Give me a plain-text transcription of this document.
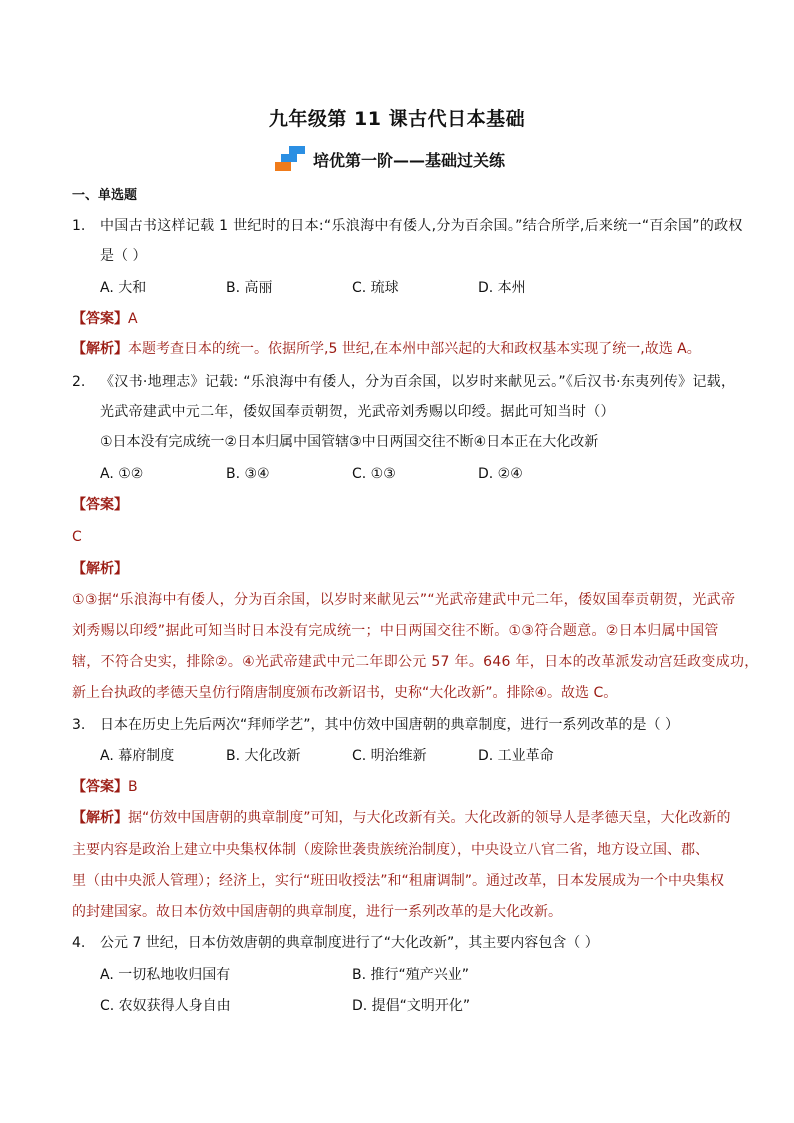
九年级第 11 课古代日本基础
培优第一阶——基础过关练
一、单选题
1. 中国古书这样记载 1 世纪时的日本:“乐浪海中有倭人,分为百余国。”结合所学,后来统一“百余国”的政权
是（ ）
A. 大和	B. 高丽	C. 琉球	D. 本州
【答案】A
【解析】本题考查日本的统一。依据所学,5 世纪,在本州中部兴起的大和政权基本实现了统一,故选 A。
2. 《汉书·地理志》记载: “乐浪海中有倭人，分为百余国，以岁时来献见云。”《后汉书·东夷列传》记载，
光武帝建武中元二年，倭奴国奉贡朝贺，光武帝刘秀赐以印绶。据此可知当时（）
①日本没有完成统一②日本归属中国管辖③中日两国交往不断④日本正在大化改新
A. ①②	B. ③④	C. ①③	D. ②④
【答案】
C
【解析】
①③据“乐浪海中有倭人，分为百余国，以岁时来献见云”“光武帝建武中元二年，倭奴国奉贡朝贺，光武帝
刘秀赐以印绶”据此可知当时日本没有完成统一；中日两国交往不断。①③符合题意。②日本归属中国管
辖，不符合史实，排除②。④光武帝建武中元二年即公元 57 年。646 年，日本的改革派发动宫廷政变成功，
新上台执政的孝德天皇仿行隋唐制度颁布改新诏书，史称“大化改新”。排除④。故选 C。
3. 日本在历史上先后两次“拜师学艺”，其中仿效中国唐朝的典章制度，进行一系列改革的是（ ）
A. 幕府制度	B. 大化改新	C. 明治维新	D. 工业革命
【答案】B
【解析】据“仿效中国唐朝的典章制度”可知，与大化改新有关。大化改新的领导人是孝德天皇，大化改新的
主要内容是政治上建立中央集权体制（废除世袭贵族统治制度），中央设立八官二省，地方设立国、郡、
里（由中央派人管理）；经济上，实行“班田收授法”和“租庸调制”。通过改革，日本发展成为一个中央集权
的封建国家。故日本仿效中国唐朝的典章制度，进行一系列改革的是大化改新。
4. 公元 7 世纪，日本仿效唐朝的典章制度进行了“大化改新”，其主要内容包含（ ）
A. 一切私地收归国有	B. 推行“殖产兴业”
C. 农奴获得人身自由	D. 提倡“文明开化”
